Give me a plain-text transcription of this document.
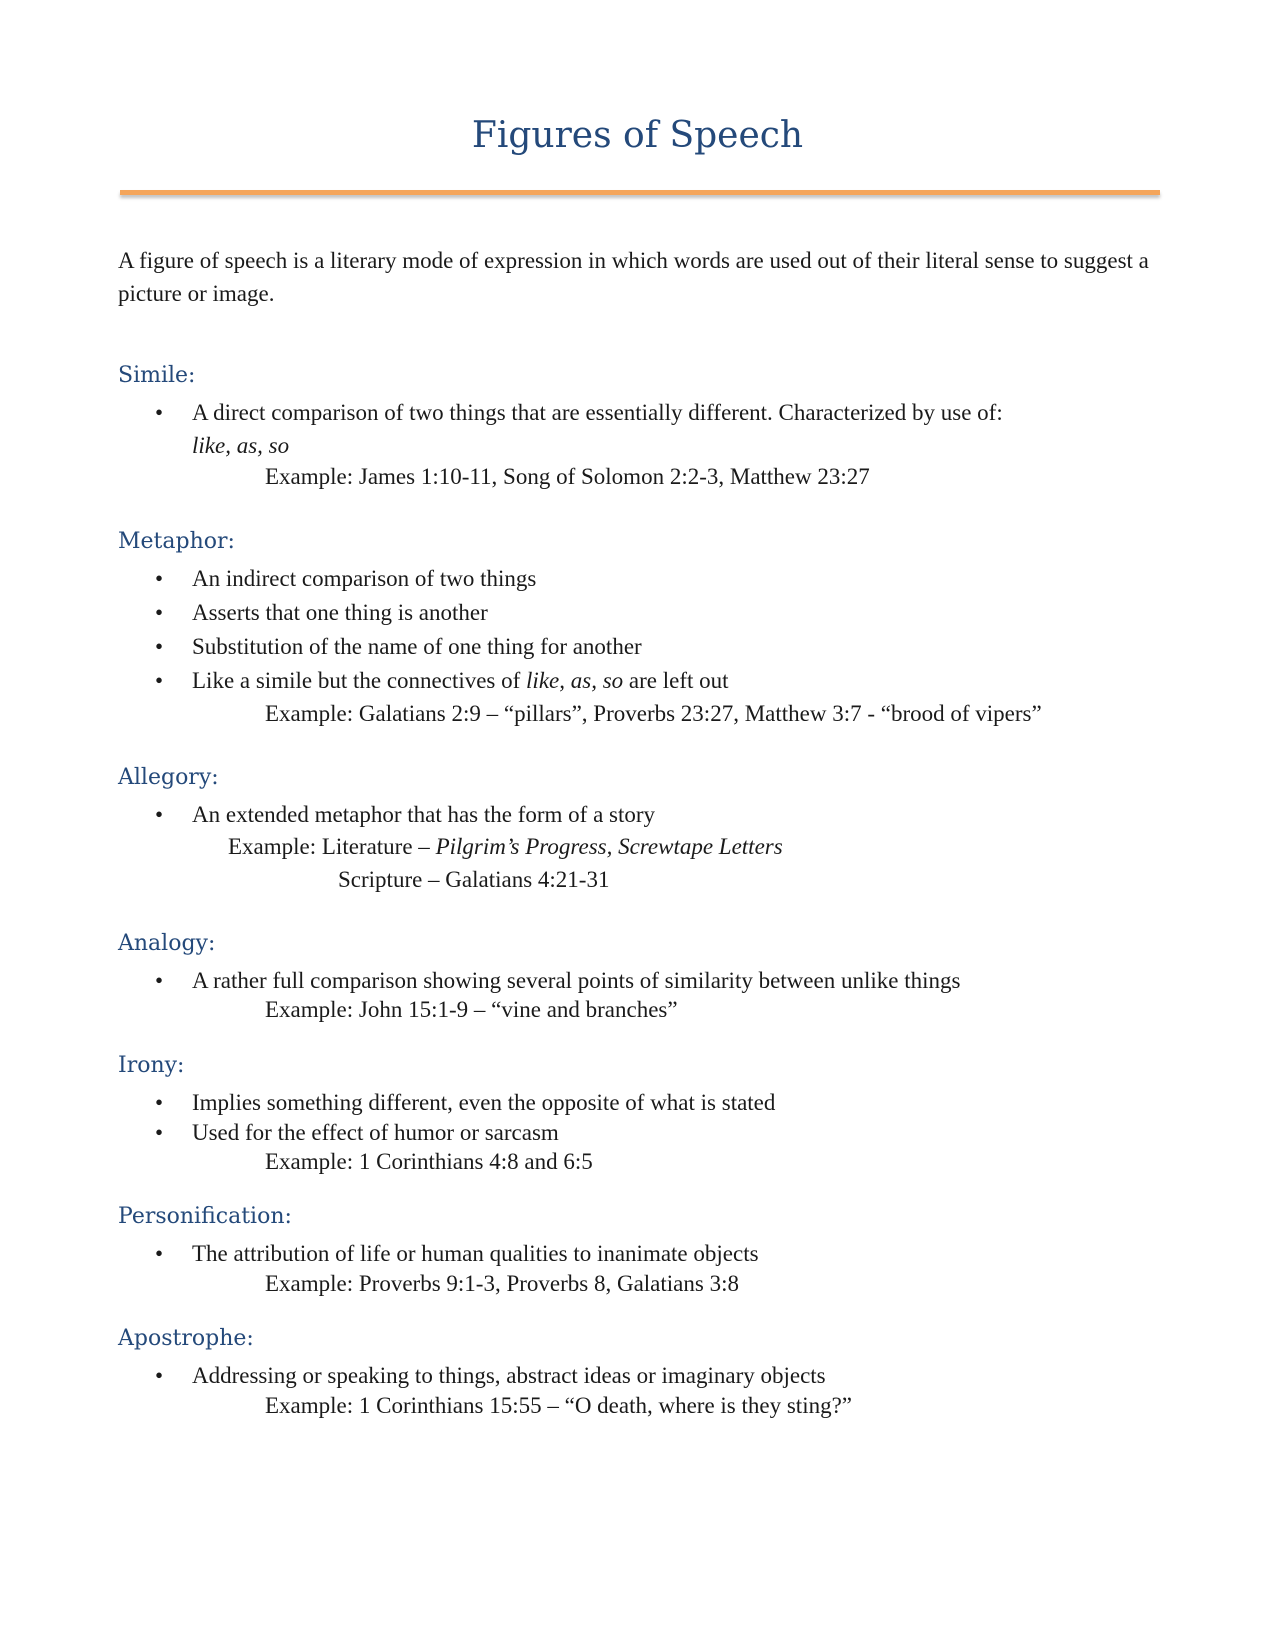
Figures of Speech

A figure of speech is a literary mode of expression in which words are used out of their literal sense to suggest a picture or image.

Simile:
•	A direct comparison of two things that are essentially different. Characterized by use of:
like, as, so

Example: James 1:10-11, Song of Solomon 2:2-3, Matthew 23:27

Metaphor:
•	An indirect comparison of two things

•	Asserts that one thing is another

•	Substitution of the name of one thing for another

•	Like a simile but the connectives of like, as, so are left out

Example: Galatians 2:9 – “pillars”, Proverbs 23:27, Matthew 3:7 - “brood of vipers”

Allegory:
•	An extended metaphor that has the form of a story

Example: Literature – Pilgrim’s Progress, Screwtape Letters

Scripture – Galatians 4:21-31

Analogy:
•	A rather full comparison showing several points of similarity between unlike things

Example: John 15:1-9 – “vine and branches”

Irony:
•	Implies something different, even the opposite of what is stated

•	Used for the effect of humor or sarcasm

Example: 1 Corinthians 4:8 and 6:5

Personification:
•	The attribution of life or human qualities to inanimate objects

Example: Proverbs 9:1-3, Proverbs 8, Galatians 3:8

Apostrophe:
•	Addressing or speaking to things, abstract ideas or imaginary objects

Example: 1 Corinthians 15:55 – “O death, where is they sting?”
